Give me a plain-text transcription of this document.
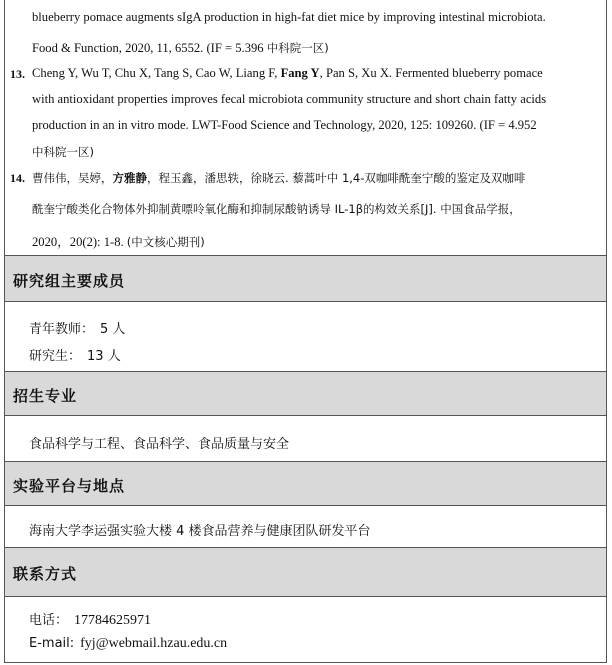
blueberry pomace augments sIgA production in high-fat diet mice by improving intestinal microbiota.
Food & Function, 2020, 11, 6552. (IF = 5.396 中科院一区)
13. Cheng Y, Wu T, Chu X, Tang S, Cao W, Liang F, Fang Y, Pan S, Xu X. Fermented blueberry pomace
with antioxidant properties improves fecal microbiota community structure and short chain fatty acids
production in an in vitro mode. LWT-Food Science and Technology, 2020, 125: 109260. (IF = 4.952
中科院一区)
14. 曹伟伟，吴婷，方雅静，程玉鑫，潘思轶，徐晓云. 藜蒿叶中 1,4-双咖啡酰奎宁酸的鉴定及双咖啡
酰奎宁酸类化合物体外抑制黄嘌呤氧化酶和抑制尿酸钠诱导 IL-1β的构效关系[J]. 中国食品学报，
2020，20(2): 1-8. (中文核心期刊)
研究组主要成员
青年教师： 5 人
研究生： 13 人
招生专业
食品科学与工程、食品科学、食品质量与安全
实验平台与地点
海南大学李运强实验大楼 4 楼食品营养与健康团队研发平台
联系方式
电话： 17784625971
E-mail: fyj@webmail.hzau.edu.cn
